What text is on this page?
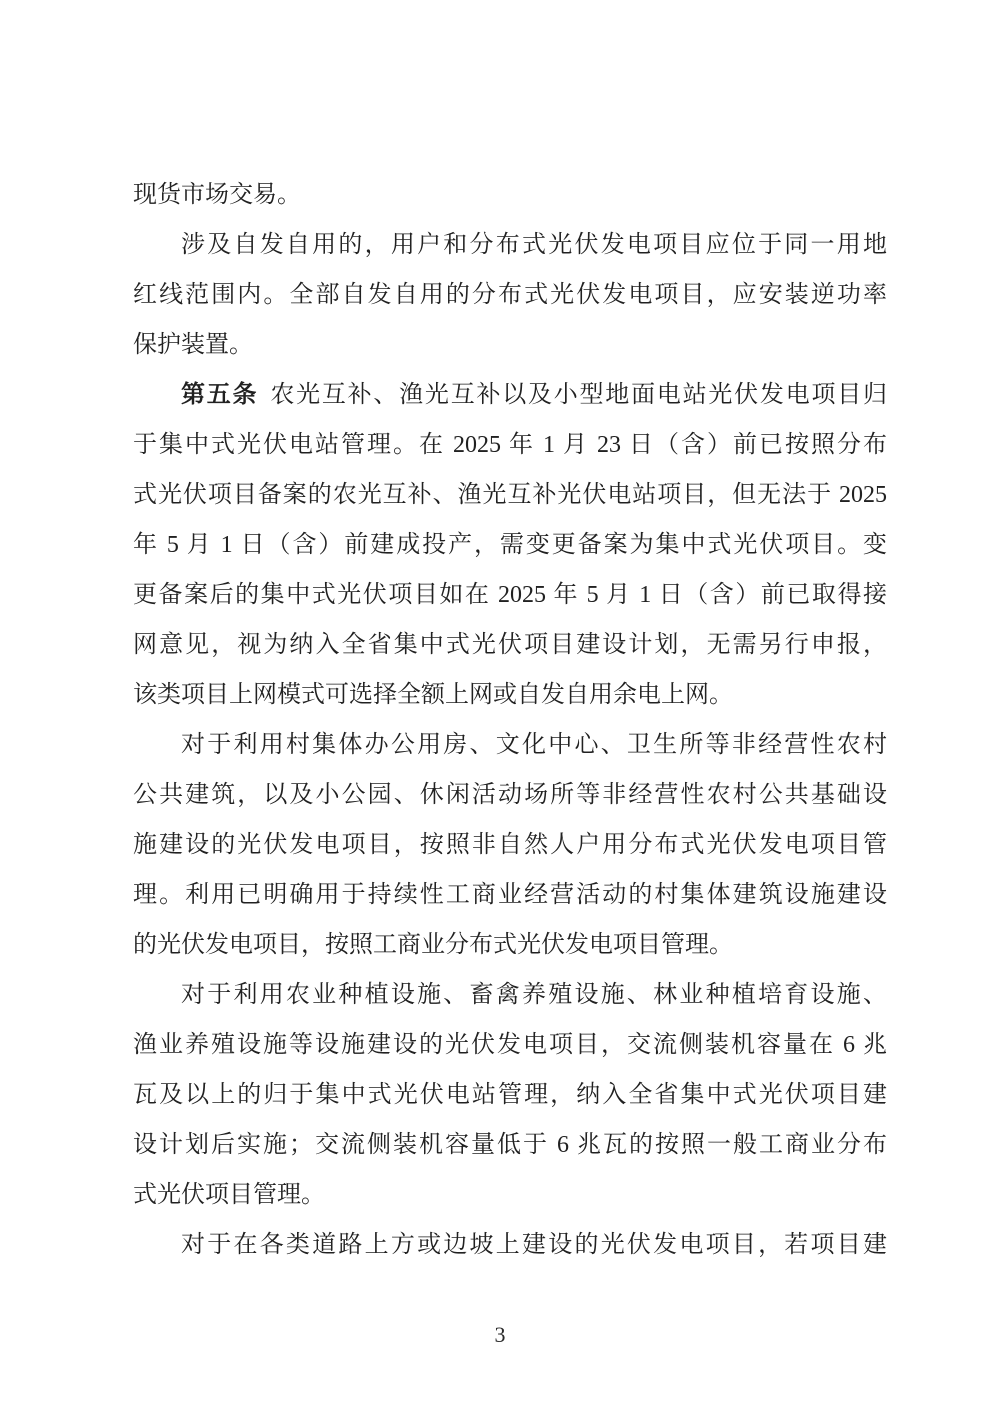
现货市场交易。
涉及自发自用的，用户和分布式光伏发电项目应位于同一用地
红线范围内。全部自发自用的分布式光伏发电项目，应安装逆功率
保护装置。
第五条 农光互补、渔光互补以及小型地面电站光伏发电项目归
于集中式光伏电站管理。在 2025 年 1 月 23 日（含）前已按照分布
式光伏项目备案的农光互补、渔光互补光伏电站项目，但无法于 2025
年 5 月 1 日（含）前建成投产，需变更备案为集中式光伏项目。变
更备案后的集中式光伏项目如在 2025 年 5 月 1 日（含）前已取得接
网意见，视为纳入全省集中式光伏项目建设计划，无需另行申报，
该类项目上网模式可选择全额上网或自发自用余电上网。
对于利用村集体办公用房、文化中心、卫生所等非经营性农村
公共建筑，以及小公园、休闲活动场所等非经营性农村公共基础设
施建设的光伏发电项目，按照非自然人户用分布式光伏发电项目管
理。利用已明确用于持续性工商业经营活动的村集体建筑设施建设
的光伏发电项目，按照工商业分布式光伏发电项目管理。
对于利用农业种植设施、畜禽养殖设施、林业种植培育设施、
渔业养殖设施等设施建设的光伏发电项目，交流侧装机容量在 6 兆
瓦及以上的归于集中式光伏电站管理，纳入全省集中式光伏项目建
设计划后实施；交流侧装机容量低于 6 兆瓦的按照一般工商业分布
式光伏项目管理。
对于在各类道路上方或边坡上建设的光伏发电项目，若项目建
3
